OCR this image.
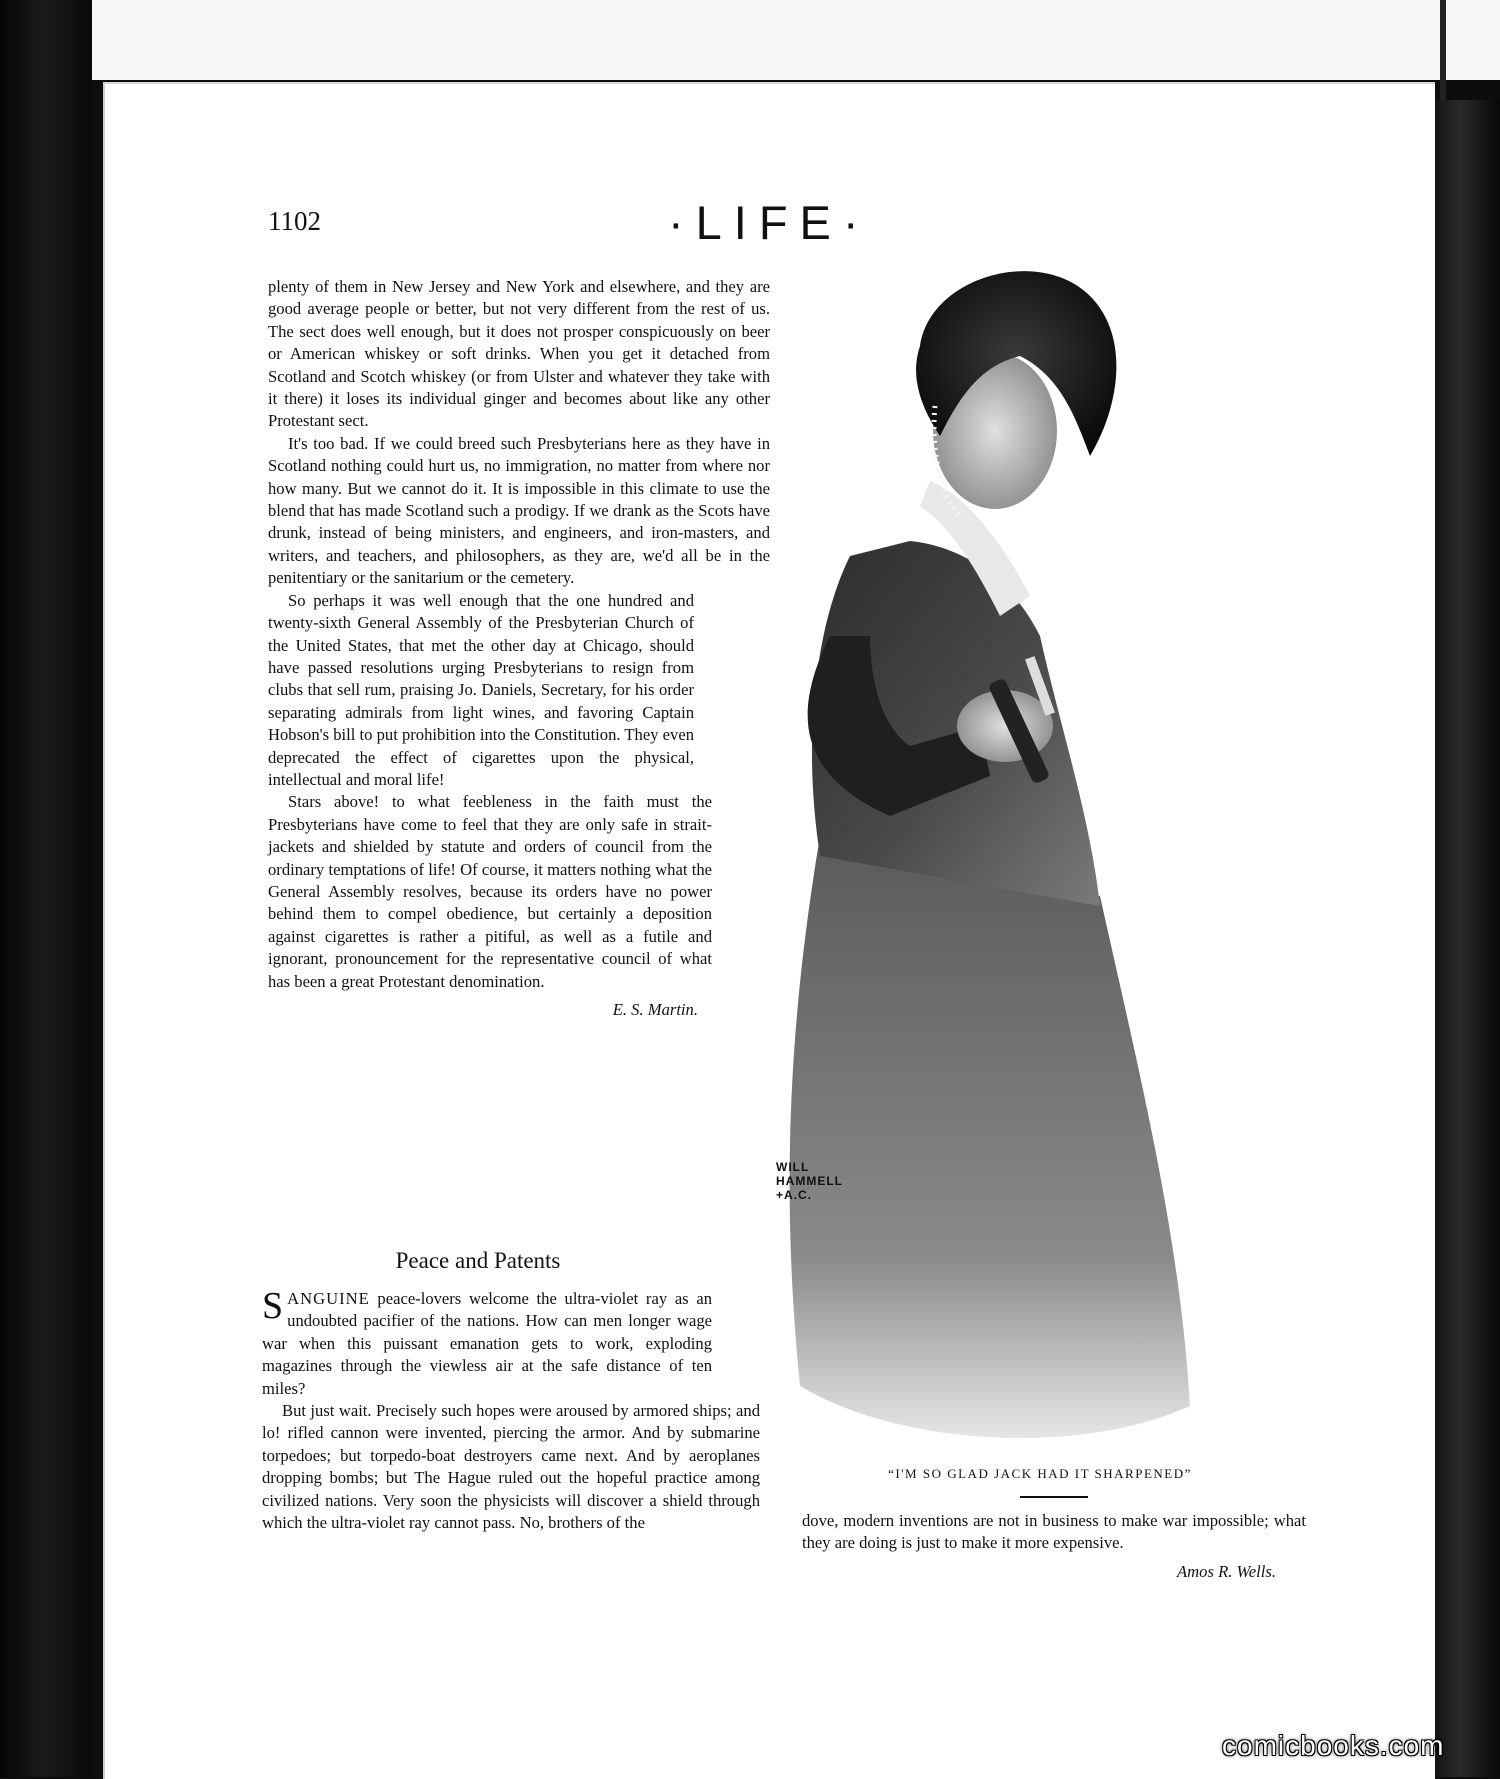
1102	·LIFE·

plenty of them in New Jersey and New York and elsewhere, and they are good average people or better, but not very different from the rest of us. The sect does well enough, but it does not prosper conspicuously on beer or American whiskey or soft drinks. When you get it detached from Scotland and Scotch whiskey (or from Ulster and whatever they take with it there) it loses its individual ginger and becomes about like any other Protestant sect.

It's too bad. If we could breed such Presbyterians here as they have in Scotland nothing could hurt us, no immigration, no matter from where nor how many. But we cannot do it. It is impossible in this climate to use the blend that has made Scotland such a prodigy. If we drank as the Scots have drunk, instead of being ministers, and engineers, and iron-masters, and writers, and teachers, and philosophers, as they are, we'd all be in the penitentiary or the sanitarium or the cemetery.

So perhaps it was well enough that the one hundred and twenty-sixth General Assembly of the Presbyterian Church of the United States, that met the other day at Chicago, should have passed resolutions urging Presbyterians to resign from clubs that sell rum, praising Jo. Daniels, Secretary, for his order separating admirals from light wines, and favoring Captain Hobson's bill to put prohibition into the Constitution. They even deprecated the effect of cigarettes upon the physical, intellectual and moral life!

Stars above! to what feebleness in the faith must the Presbyterians have come to feel that they are only safe in strait-jackets and shielded by statute and orders of council from the ordinary temptations of life! Of course, it matters nothing what the General Assembly resolves, because its orders have no power behind them to compel obedience, but certainly a deposition against cigarettes is rather a pitiful, as well as a futile and ignorant, pronouncement for the representative council of what has been a great Protestant denomination.

E. S. Martin.
Peace and Patents

SANGUINE peace-lovers welcome the ultra-violet ray as an undoubted pacifier of the nations. How can men longer wage war when this puissant emanation gets to work, exploding magazines through the viewless air at the safe distance of ten miles?

But just wait. Precisely such hopes were aroused by armored ships; and lo! rifled cannon were invented, piercing the armor. And by submarine torpedoes; but torpedo-boat destroyers came next. And by aeroplanes dropping bombs; but The Hague ruled out the hopeful practice among civilized nations. Very soon the physicists will discover a shield through which the ultra-violet ray cannot pass. No, brothers of the

WILL
HAMMELL
+A.C.
“I'M SO GLAD JACK HAD IT SHARPENED”

dove, modern inventions are not in business to make war impossible; what they are doing is just to make it more expensive.

Amos R. Wells.
comicbooks.com
